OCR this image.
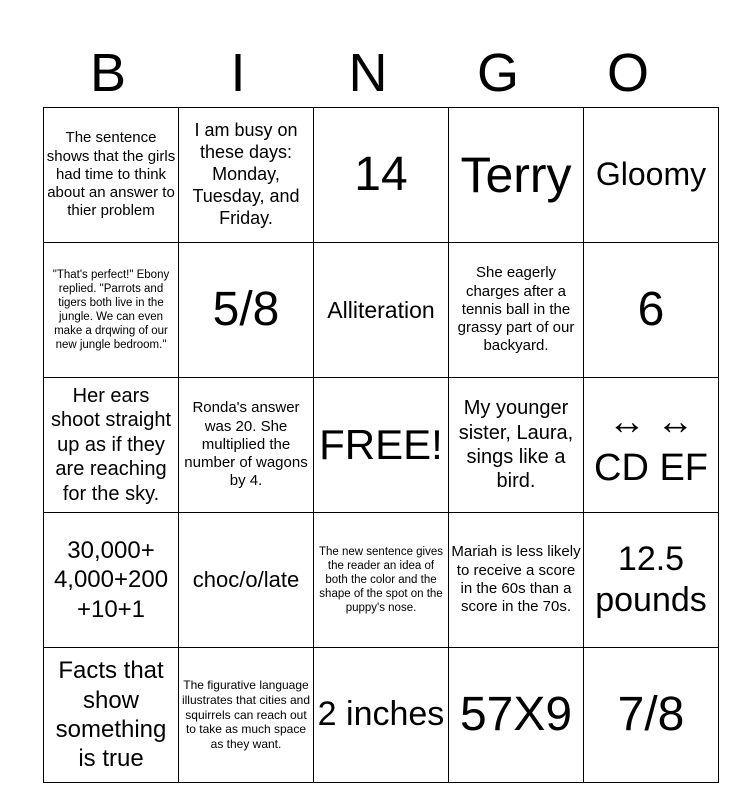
B	I	N	G	O
The sentence shows that the girls had time to think about an answer to thier problem	I am busy on these days: Monday, Tuesday, and Friday.	14	Terry	Gloomy
"That's perfect!" Ebony replied. "Parrots and tigers both live in the jungle. We can even make a drqwing of our new jungle bedroom."	5/8	Alliteration	She eagerly charges after a tennis ball in the grassy part of our backyard.	6
Her ears shoot straight up as if they are reaching for the sky.	Ronda's answer was 20. She multiplied the number of wagons by 4.	FREE!	My younger sister, Laura, sings like a bird.	↔ ↔ CD EF
30,000+ 4,000+200 +10+1	choc/o/late	The new sentence gives the reader an idea of both the color and the shape of the spot on the puppy's nose.	Mariah is less likely to receive a score in the 60s than a score in the 70s.	12.5 pounds
Facts that show something is true	The figurative language illustrates that cities and squirrels can reach out to take as much space as they want.	2 inches	57X9	7/8
